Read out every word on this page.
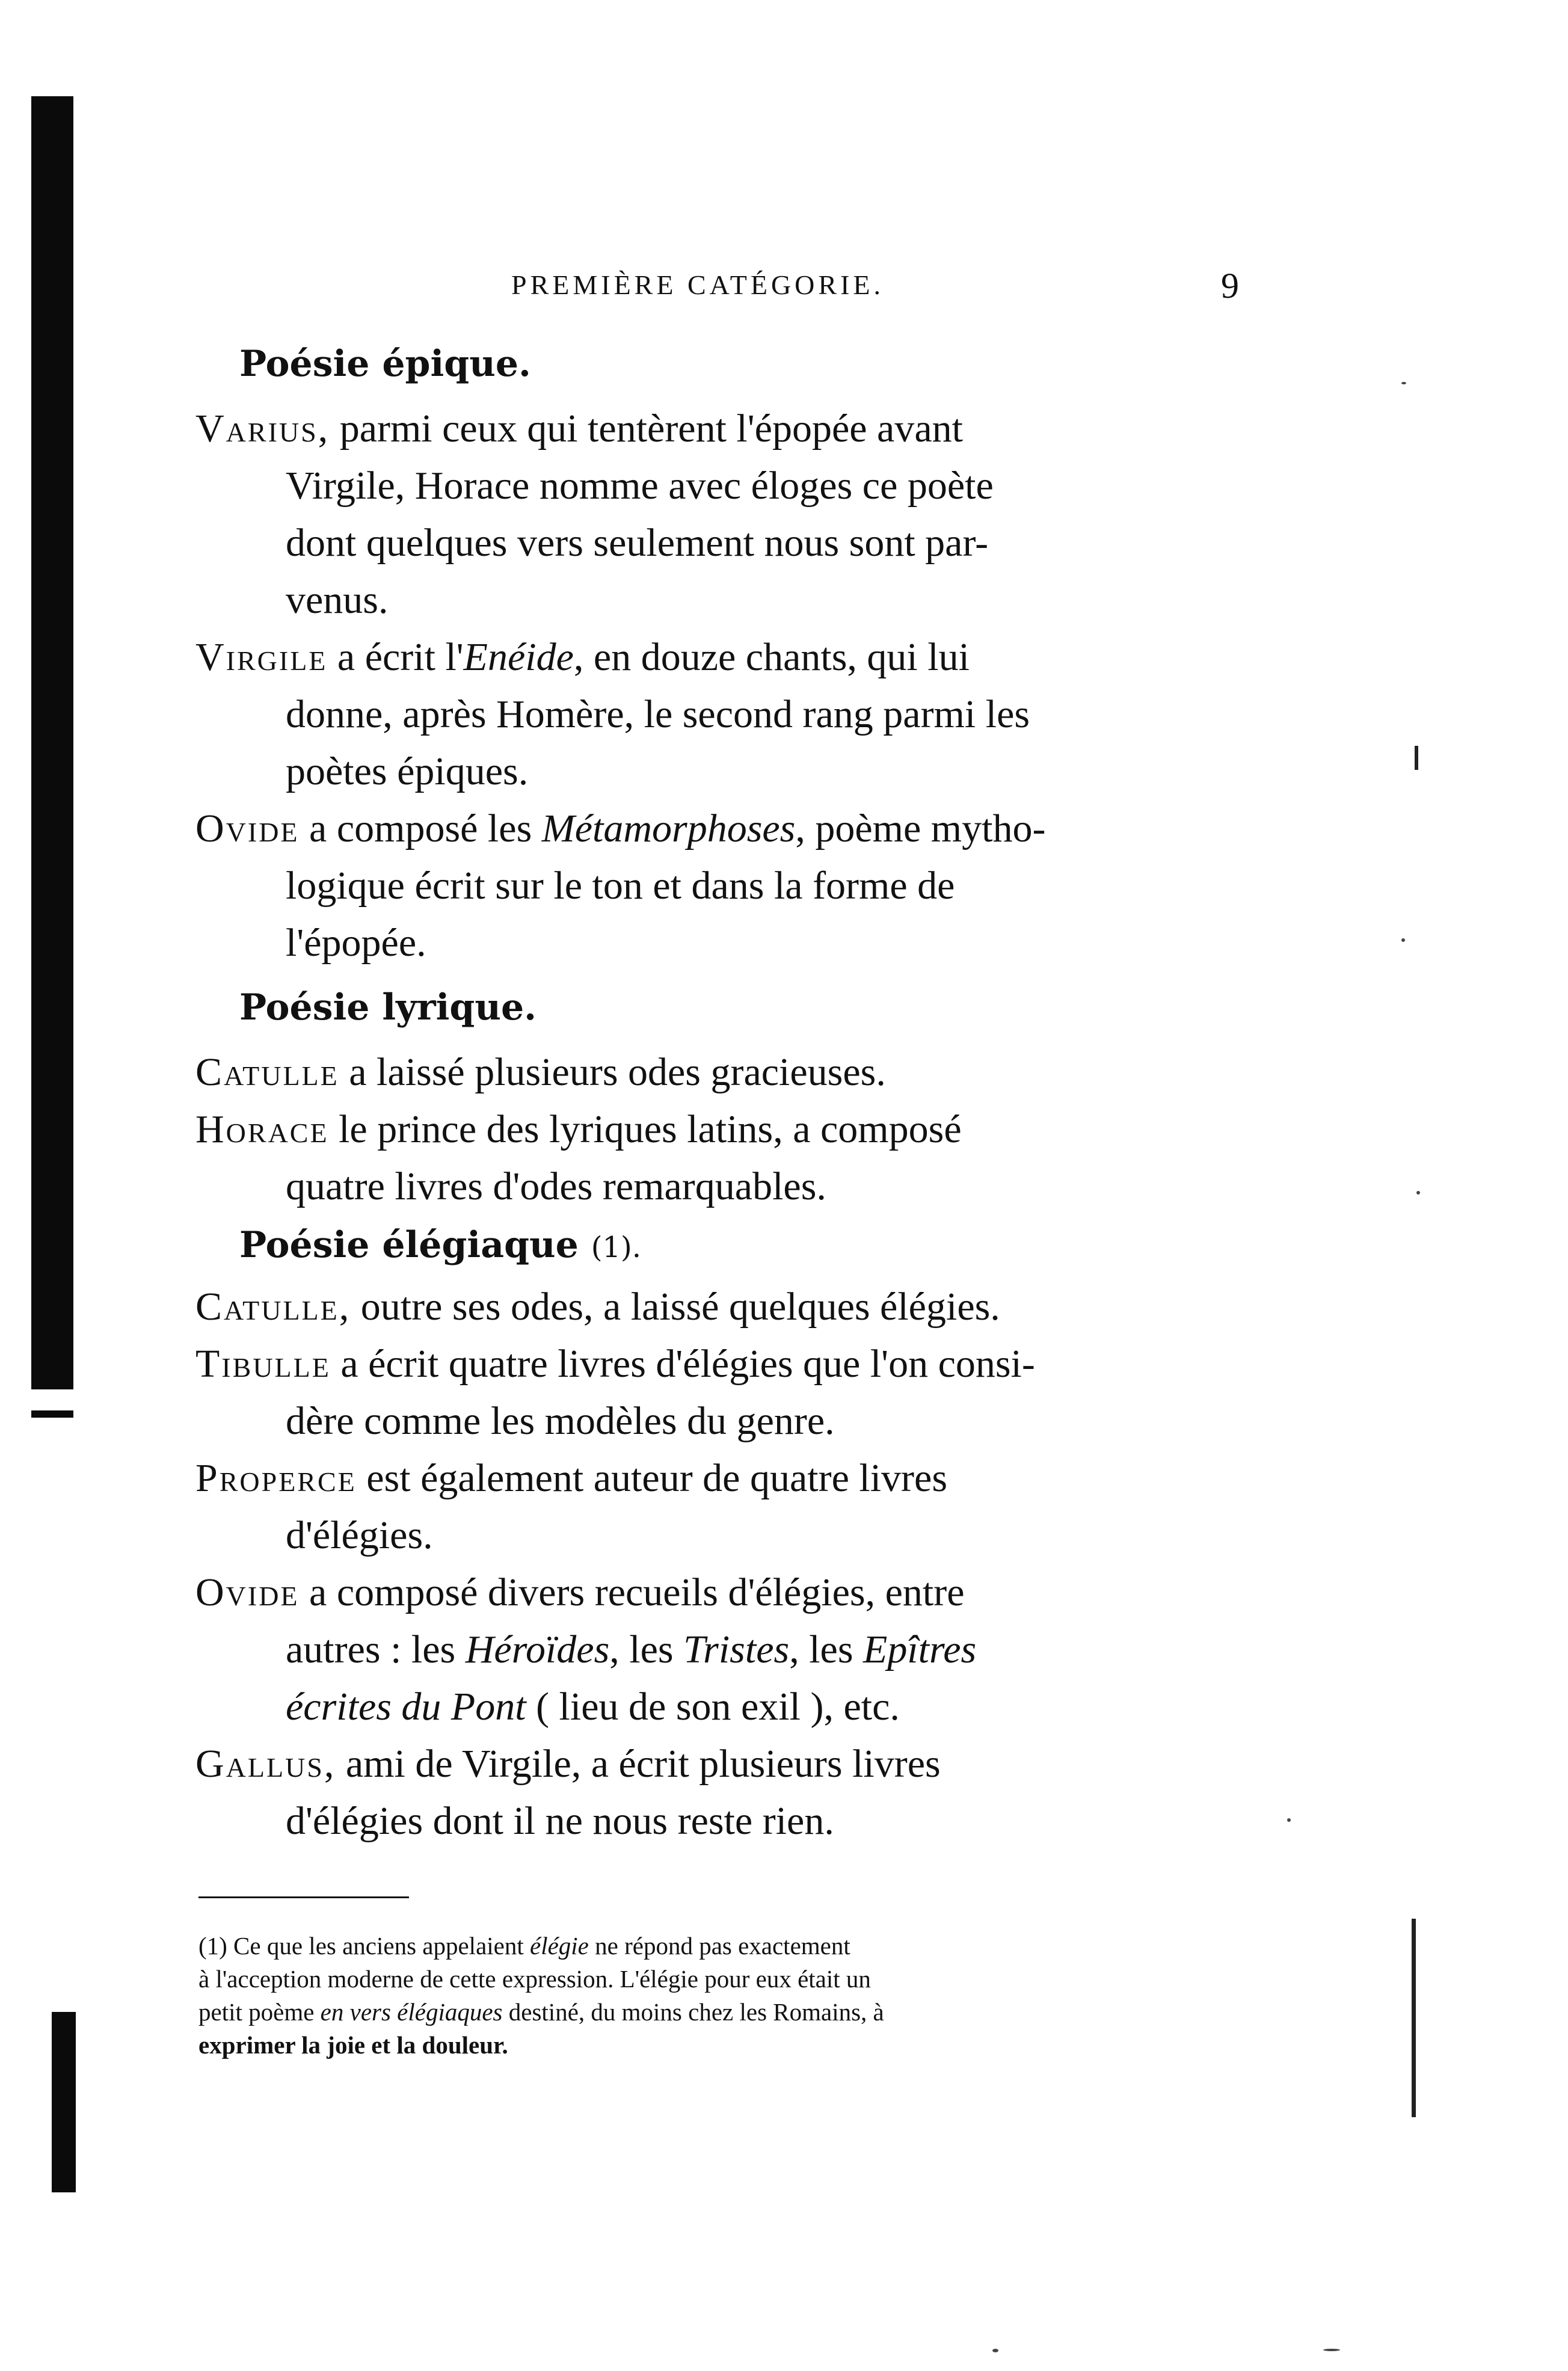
PREMIÈRE CATÉGORIE.	9
Poésie épique.
Varius, parmi ceux qui tentèrent l'épopée avant
Virgile, Horace nomme avec éloges ce poète
dont quelques vers seulement nous sont par-
venus.
Virgile a écrit l'Enéide, en douze chants, qui lui
donne, après Homère, le second rang parmi les
poètes épiques.
Ovide a composé les Métamorphoses, poème mytho-
logique écrit sur le ton et dans la forme de
l'épopée.
Poésie lyrique.
Catulle a laissé plusieurs odes gracieuses.
Horace le prince des lyriques latins, a composé
quatre livres d'odes remarquables.
Poésie élégiaque (1).
Catulle, outre ses odes, a laissé quelques élégies.
Tibulle a écrit quatre livres d'élégies que l'on consi-
dère comme les modèles du genre.
Properce est également auteur de quatre livres
d'élégies.
Ovide a composé divers recueils d'élégies, entre
autres : les Héroïdes, les Tristes, les Epîtres
écrites du Pont ( lieu de son exil ), etc.
Gallus, ami de Virgile, a écrit plusieurs livres
d'élégies dont il ne nous reste rien.
(1) Ce que les anciens appelaient élégie ne répond pas exactement
à l'acception moderne de cette expression. L'élégie pour eux était un
petit poème en vers élégiaques destiné, du moins chez les Romains, à
exprimer la joie et la douleur.
